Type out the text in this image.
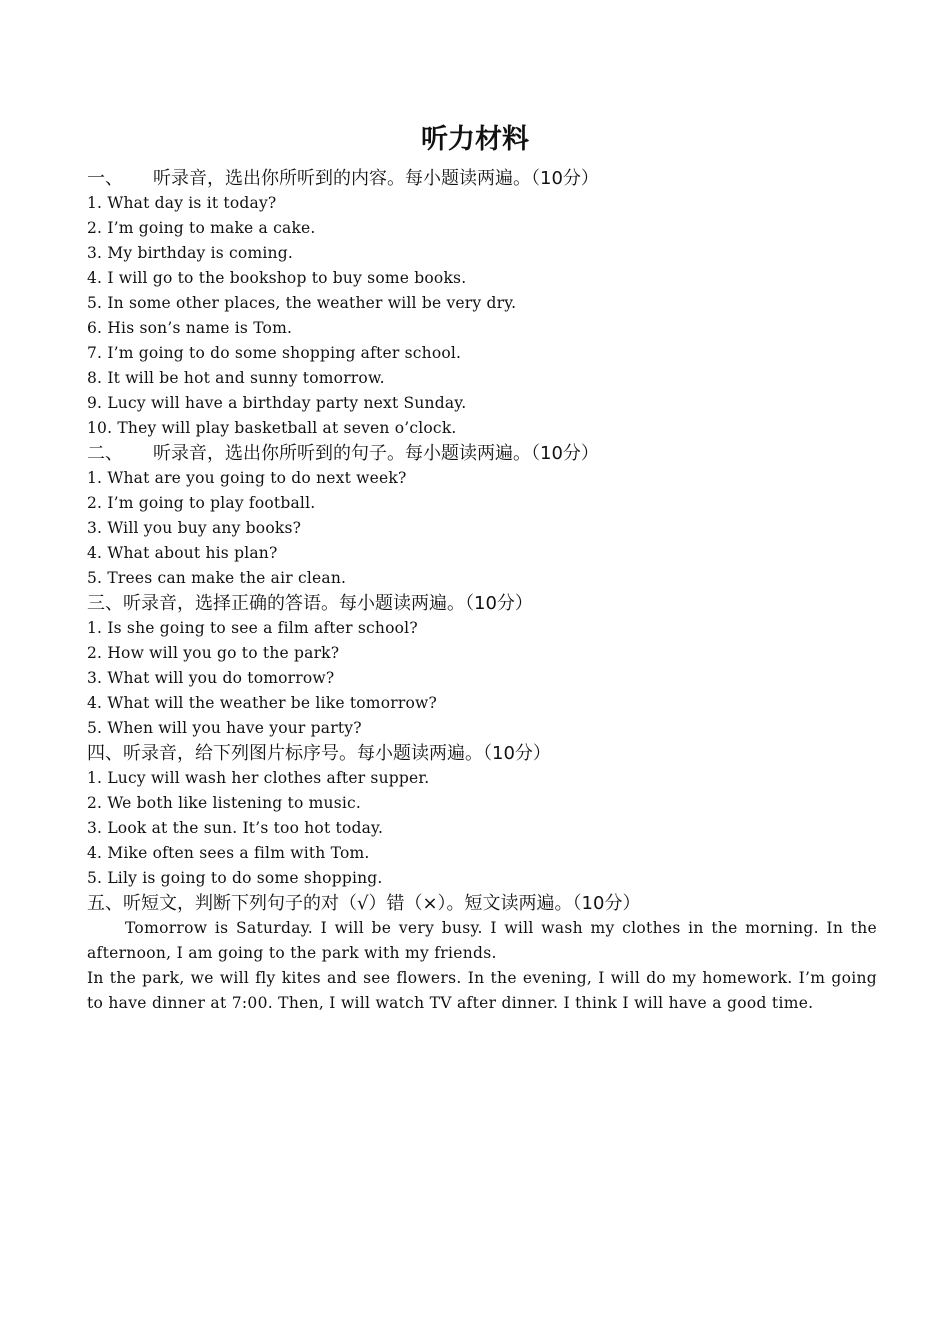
听力材料
一、 听录音，选出你所听到的内容。每小题读两遍。（10分）
1. What day is it today?
2. I’m going to make a cake.
3. My birthday is coming.
4. I will go to the bookshop to buy some books.
5. In some other places, the weather will be very dry.
6. His son’s name is Tom.
7. I’m going to do some shopping after school.
8. It will be hot and sunny tomorrow.
9. Lucy will have a birthday party next Sunday.
10. They will play basketball at seven o’clock.
二、 听录音，选出你所听到的句子。每小题读两遍。（10分）
1. What are you going to do next week?
2. I’m going to play football.
3. Will you buy any books?
4. What about his plan?
5. Trees can make the air clean.
三、听录音，选择正确的答语。每小题读两遍。（10分）
1. Is she going to see a film after school?
2. How will you go to the park?
3. What will you do tomorrow?
4. What will the weather be like tomorrow?
5. When will you have your party?
四、听录音，给下列图片标序号。每小题读两遍。（10分）
1. Lucy will wash her clothes after supper.
2. We both like listening to music.
3. Look at the sun. It’s too hot today.
4. Mike often sees a film with Tom.
5. Lily is going to do some shopping.
五、听短文，判断下列句子的对（√）错（×）。短文读两遍。（10分）
Tomorrow is Saturday. I will be very busy. I will wash my clothes in the morning. In the afternoon, I am going to the park with my friends.
In the park, we will fly kites and see flowers. In the evening, I will do my homework. I’m going to have dinner at 7:00. Then, I will watch TV after dinner. I think I will have a good time.
